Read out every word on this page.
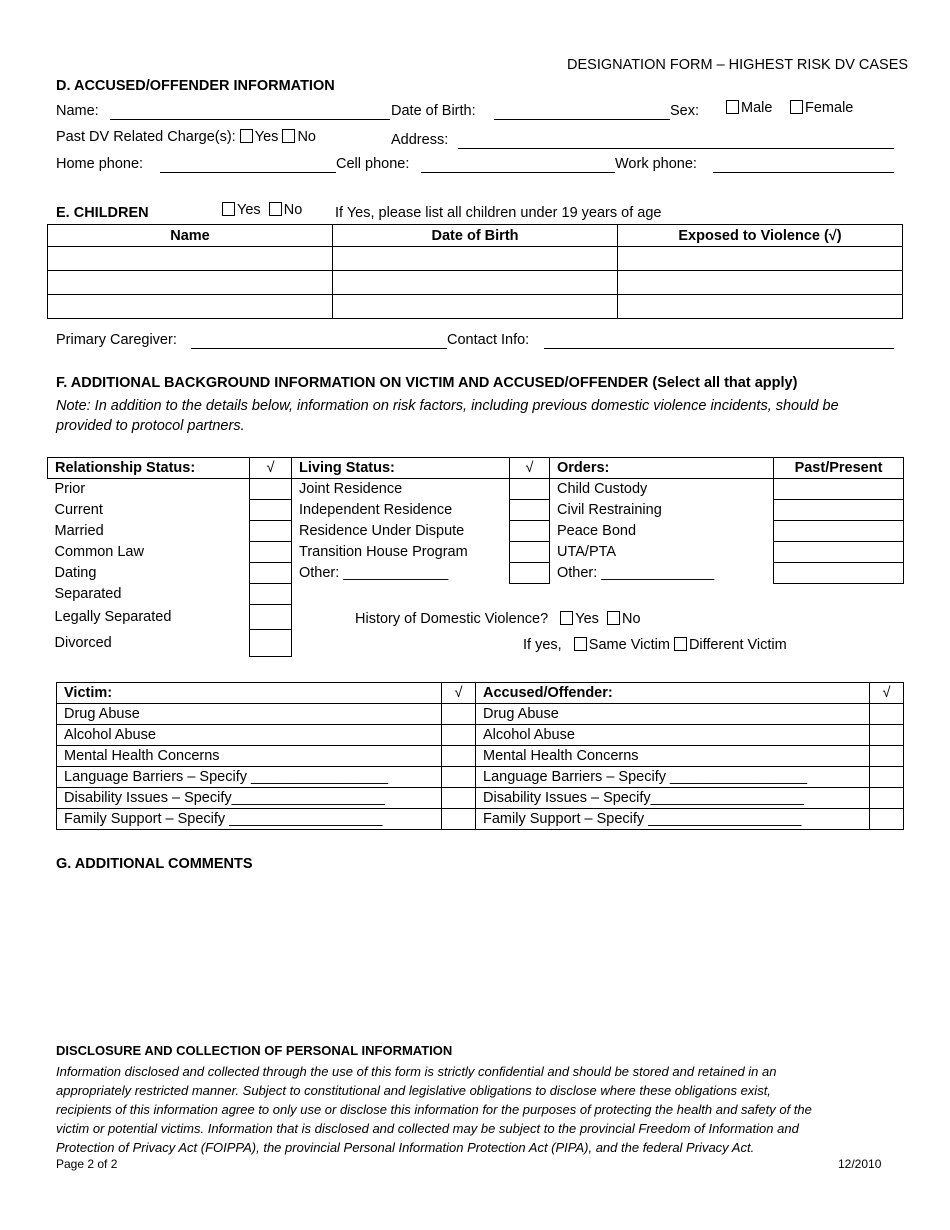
DESIGNATION FORM – HIGHEST RISK DV CASES
D. ACCUSED/OFFENDER INFORMATION
Name:	Date of Birth:	Sex:	Male	Female
Past DV Related Charge(s): Yes No	Address:
Home phone:	Cell phone:	Work phone:
E. CHILDREN	Yes No If Yes, please list all children under 19 years of age
Name	Date of Birth	Exposed to Violence (√)

Primary Caregiver:	Contact Info:
F. ADDITIONAL BACKGROUND INFORMATION ON VICTIM AND ACCUSED/OFFENDER (Select all that apply)
Note: In addition to the details below, information on risk factors, including previous domestic violence incidents, should be provided to protocol partners.
Relationship Status:	√	Living Status:	√	Orders:	Past/Present
Prior		Joint Residence		Child Custody	
Current		Independent Residence		Civil Restraining	
Married		Residence Under Dispute		Peace Bond	
Common Law		Transition House Program		UTA/PTA	
Dating		Other: _____________		Other: ______________	
Separated					
Legally Separated					
Divorced					
History of Domestic Violence? Yes No
If yes, Same Victim Different Victim
Victim:	√	Accused/Offender:	√
Drug Abuse		Drug Abuse	
Alcohol Abuse		Alcohol Abuse	
Mental Health Concerns		Mental Health Concerns	
Language Barriers – Specify _________________		Language Barriers – Specify _________________	
Disability Issues – Specify___________________		Disability Issues – Specify___________________	
Family Support – Specify ___________________		Family Support – Specify ___________________	
G. ADDITIONAL COMMENTS
DISCLOSURE AND COLLECTION OF PERSONAL INFORMATION
Information disclosed and collected through the use of this form is strictly confidential and should be stored and retained in an
appropriately restricted manner. Subject to constitutional and legislative obligations to disclose where these obligations exist,
recipients of this information agree to only use or disclose this information for the purposes of protecting the health and safety of the
victim or potential victims. Information that is disclosed and collected may be subject to the provincial Freedom of Information and
Protection of Privacy Act (FOIPPA), the provincial Personal Information Protection Act (PIPA), and the federal Privacy Act.
Page 2 of 2	12/2010
